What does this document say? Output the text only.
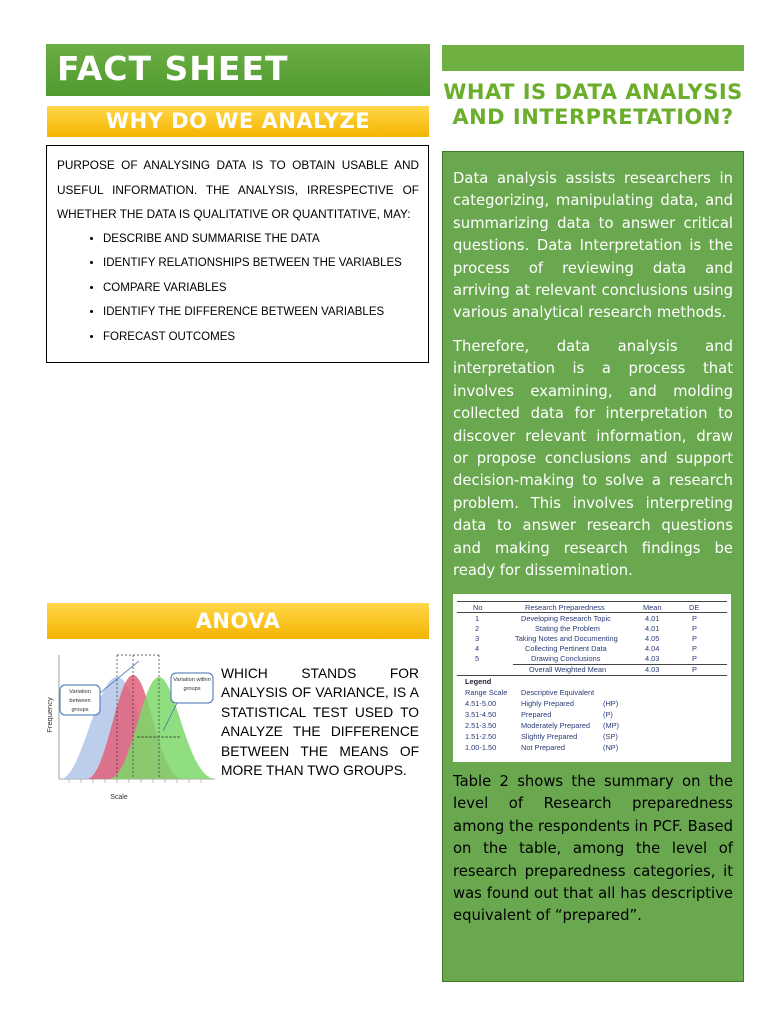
FACT SHEET
WHY DO WE ANALYZE

PURPOSE OF ANALYSING DATA IS TO OBTAIN USABLE AND USEFUL INFORMATION. THE ANALYSIS, IRRESPECTIVE OF WHETHER THE DATA IS QUALITATIVE OR QUANTITATIVE, MAY:

• DESCRIBE AND SUMMARISE THE DATA
• IDENTIFY RELATIONSHIPS BETWEEN THE VARIABLES
• COMPARE VARIABLES
• IDENTIFY THE DIFFERENCE BETWEEN VARIABLES
• FORECAST OUTCOMES
ANOVA
Variation between groups
Variation within groups
Frequency
Scale

WHICH STANDS FOR ANALYSIS OF VARIANCE, IS A STATISTICAL TEST USED TO ANALYZE THE DIFFERENCE BETWEEN THE MEANS OF MORE THAN TWO GROUPS.

WHAT IS DATA ANALYSIS AND INTERPRETATION?

Data analysis assists researchers in categorizing, manipulating data, and summarizing data to answer critical questions. Data Interpretation is the process of reviewing data and arriving at relevant conclusions using various analytical research methods.

Therefore, data analysis and interpretation is a process that involves examining, and molding collected data for interpretation to discover relevant information, draw or propose conclusions and support decision-making to solve a research problem. This involves interpreting data to answer research questions and making research findings be ready for dissemination.

No	Research Preparedness	Mean	DE
1	Developing Research Topic	4.01	P
2	Stating the Problem	4.01	P
3	Taking Notes and Documenting	4.05	P
4	Collecting Pertinent Data	4.04	P
5	Drawing Conclusions	4.03	P
Overall Weighted Mean	4.03	P
Legend
Range Scale Descriptive Equivalent
4.51-5.00	Highly Prepared	(HP)
3.51-4.50	Prepared	(P)
2.51-3.50	Moderately Prepared (MP)
1.51-2.50	Slightly Prepared	(SP)
1.00-1.50	Not Prepared	(NP)

Table 2 shows the summary on the level of Research preparedness among the respondents in PCF. Based on the table, among the level of research preparedness categories, it was found out that all has descriptive equivalent of “prepared”.
